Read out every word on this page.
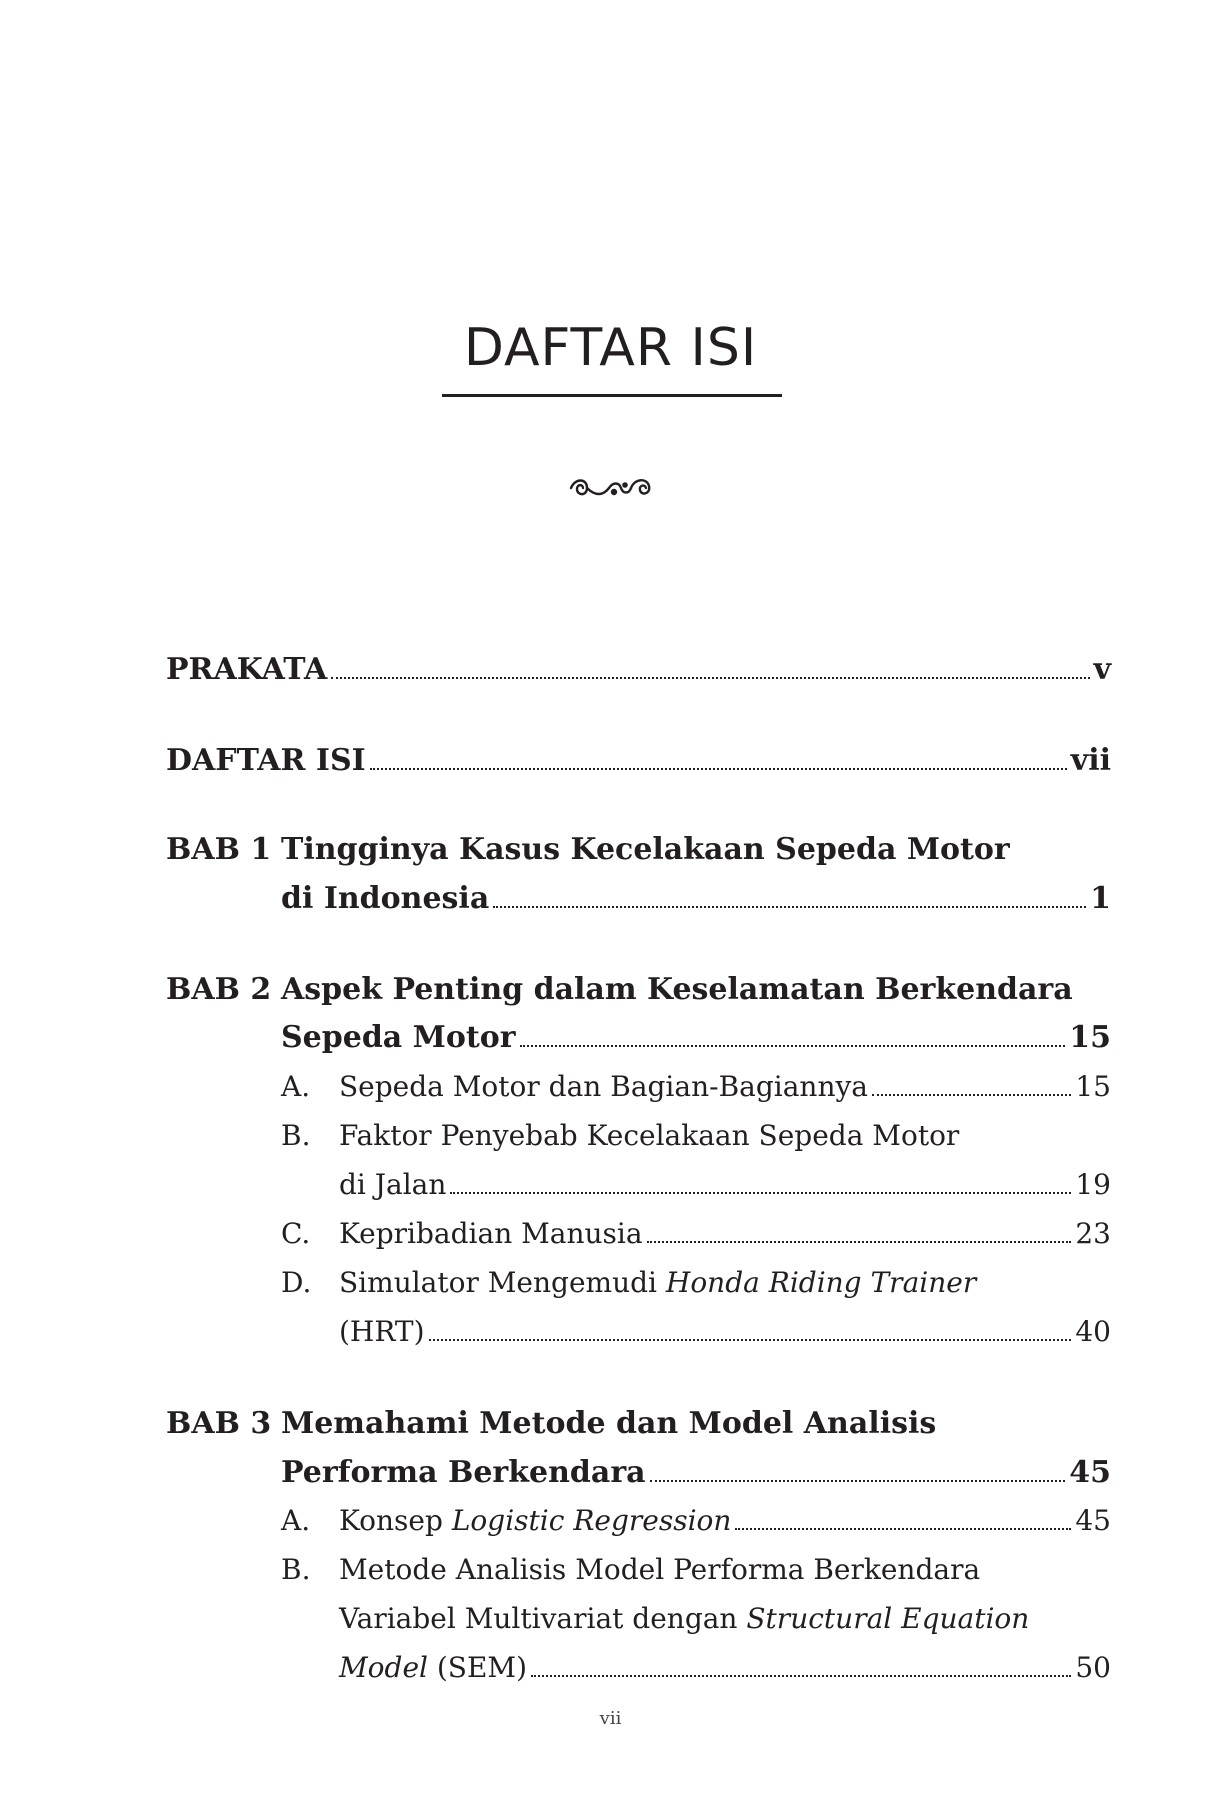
DAFTAR ISI
PRAKATA	v
DAFTAR ISI	vii
BAB 1 Tingginya Kasus Kecelakaan Sepeda Motor
di Indonesia	1
BAB 2 Aspek Penting dalam Keselamatan Berkendara
Sepeda Motor	15
A. Sepeda Motor dan Bagian-Bagiannya	15
B. Faktor Penyebab Kecelakaan Sepeda Motor
di Jalan	19
C. Kepribadian Manusia	23
D. Simulator Mengemudi Honda Riding Trainer
(HRT)	40
BAB 3 Memahami Metode dan Model Analisis
Performa Berkendara	45
A. Konsep Logistic Regression	45
B. Metode Analisis Model Performa Berkendara
Variabel Multivariat dengan Structural Equation
Model (SEM)	50
vii
